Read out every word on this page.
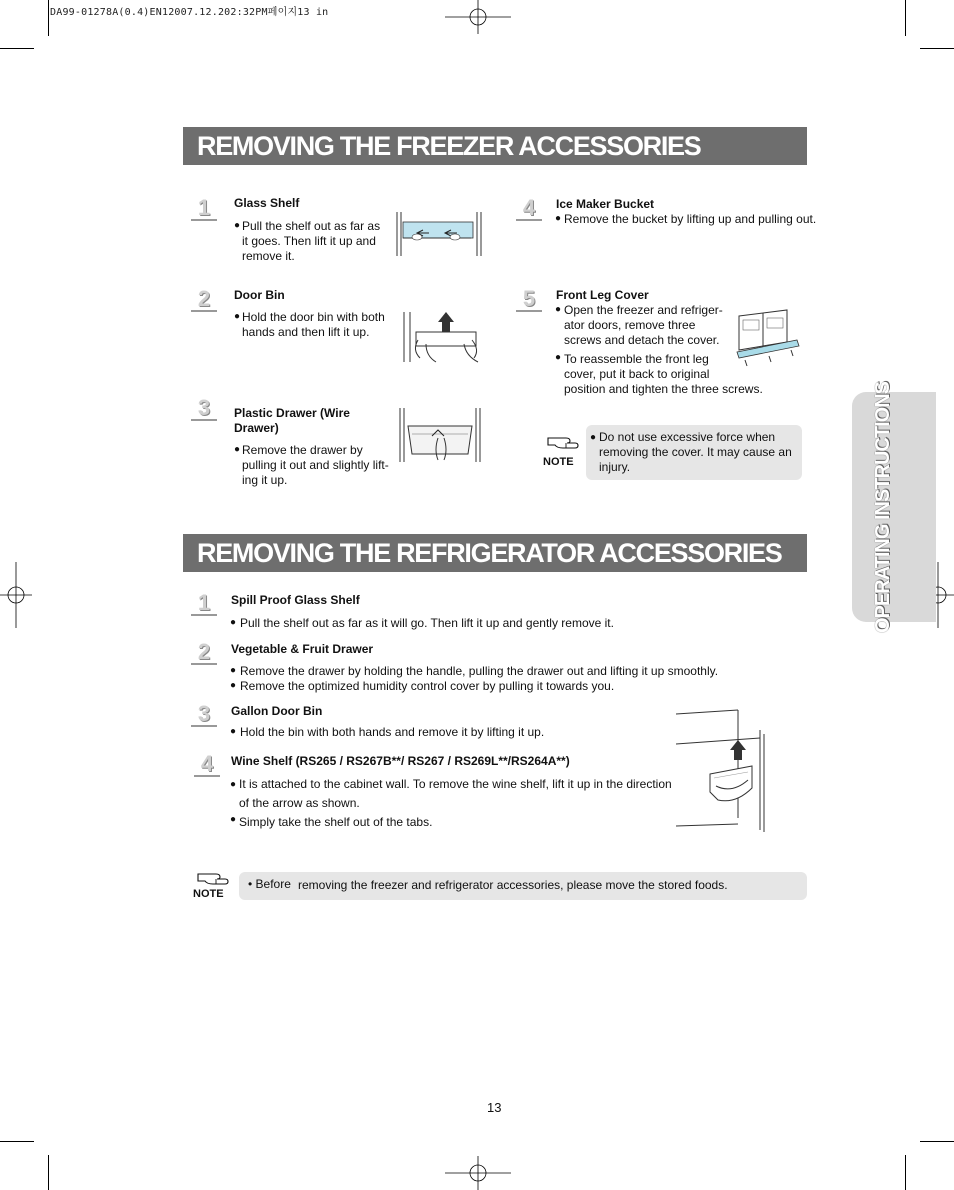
DA99-01278A(0.4)EN12007.12.202:32PM페이지13 in
OPERATING INSTRUCTIONS
REMOVING THE FREEZER ACCESSORIES
1	Glass Shelf
● Pull the shelf out as far as
it goes. Then lift it up and
remove it.
2	Door Bin
● Hold the door bin with both
hands and then lift it up.
3	Plastic Drawer (Wire
Drawer)
● Remove the drawer by
pulling it out and slightly lift-
ing it up.
4	Ice Maker Bucket
● Remove the bucket by lifting up and pulling out.
5	Front Leg Cover
● Open the freezer and refriger-
ator doors, remove three
screws and detach the cover.
● To reassemble the front leg
cover, put it back to original
position and tighten the three screws.
NOTE
● Do not use excessive force when
removing the cover. It may cause an
injury.
REMOVING THE REFRIGERATOR ACCESSORIES
1	Spill Proof Glass Shelf
● Pull the shelf out as far as it will go. Then lift it up and gently remove it.
2	Vegetable & Fruit Drawer
● Remove the drawer by holding the handle, pulling the drawer out and lifting it up smoothly.
● Remove the optimized humidity control cover by pulling it towards you.
3	Gallon Door Bin
● Hold the bin with both hands and remove it by lifting it up.
4	Wine Shelf (RS265 / RS267B**/ RS267 / RS269L**/RS264A**)
● It is attached to the cabinet wall. To remove the wine shelf, lift it up in the direction
of the arrow as shown.
● Simply take the shelf out of the tabs.
NOTE
• Before removing the freezer and refrigerator accessories, please move the stored foods.
13
